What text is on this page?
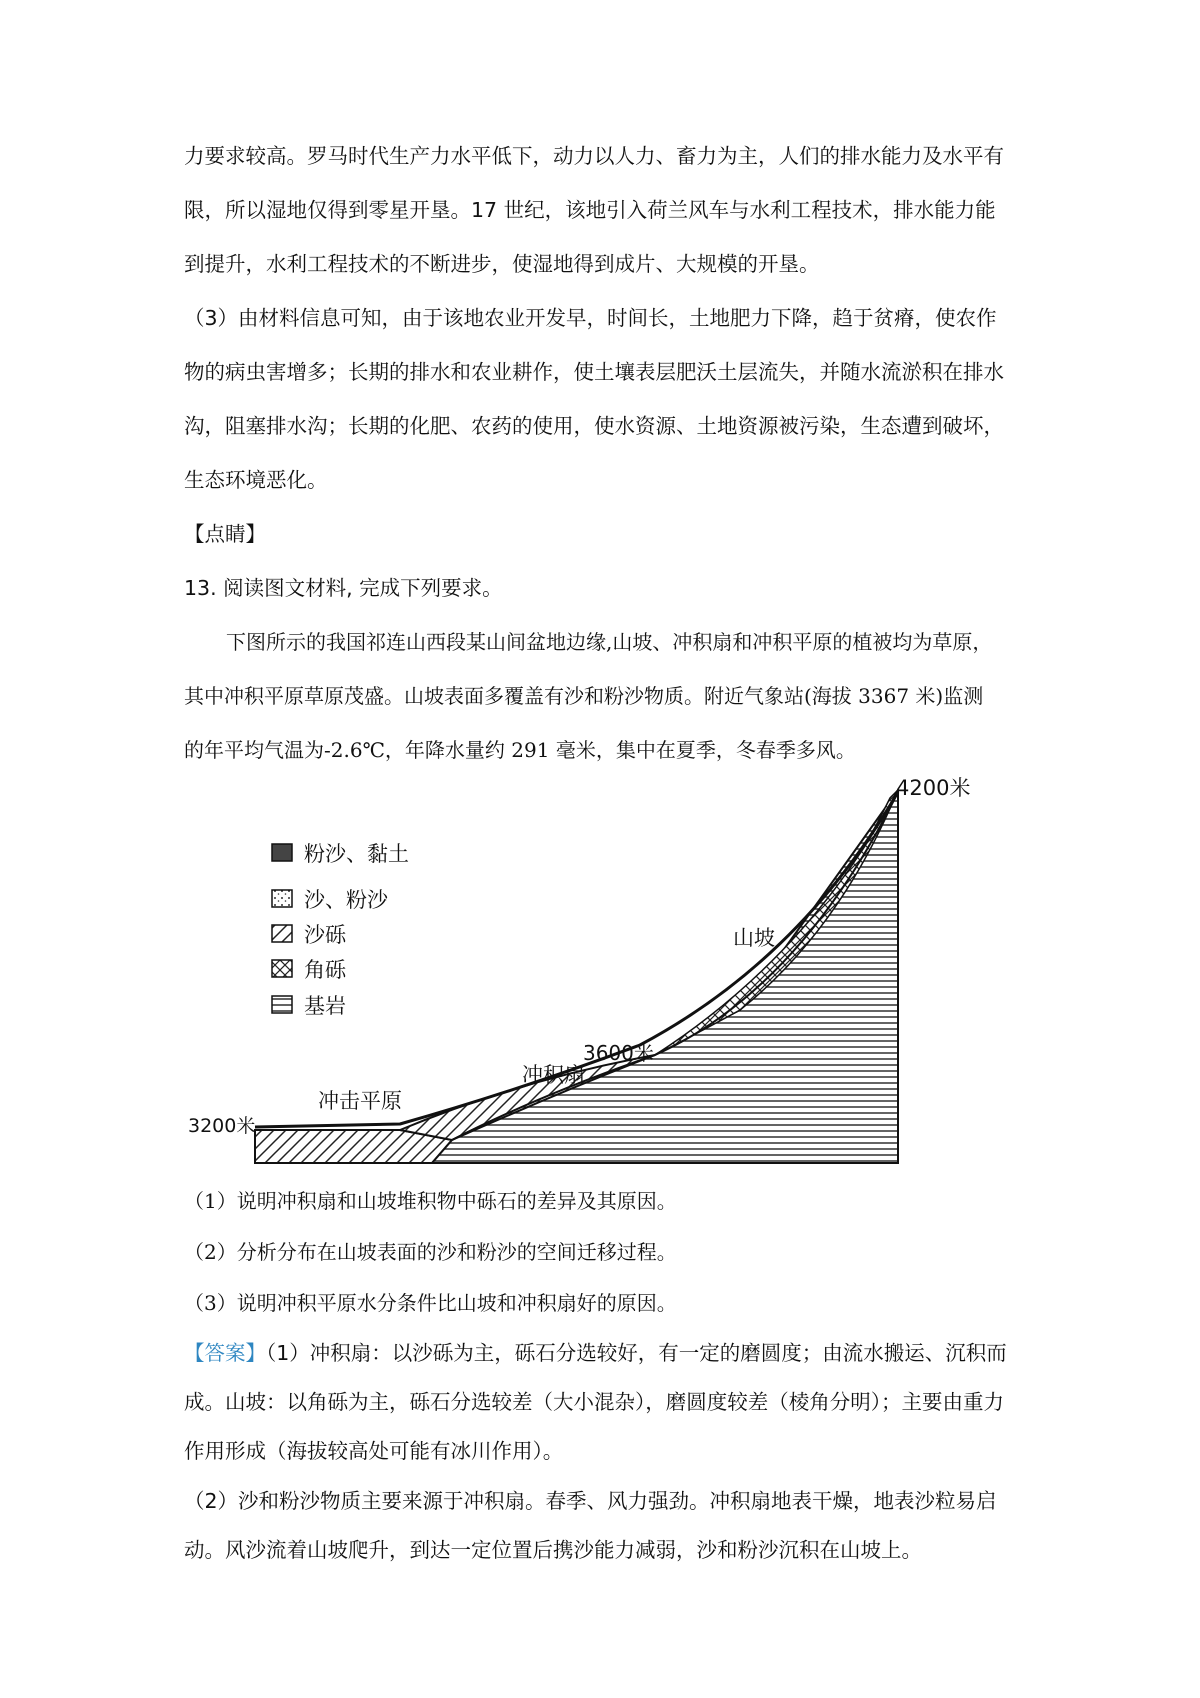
力要求较高。罗马时代生产力水平低下，动力以人力、畜力为主，人们的排水能力及水平有
限，所以湿地仅得到零星开垦。17 世纪，该地引入荷兰风车与水利工程技术，排水能力能
到提升，水利工程技术的不断进步，使湿地得到成片、大规模的开垦。
（3）由材料信息可知，由于该地农业开发早，时间长，土地肥力下降，趋于贫瘠，使农作
物的病虫害增多；长期的排水和农业耕作，使土壤表层肥沃土层流失，并随水流淤积在排水
沟，阻塞排水沟；长期的化肥、农药的使用，使水资源、土地资源被污染，生态遭到破坏，
生态环境恶化。
【点睛】
13. 阅读图文材料, 完成下列要求。
下图所示的我国祁连山西段某山间盆地边缘,山坡、冲积扇和冲积平原的植被均为草原，
其中冲积平原草原茂盛。山坡表面多覆盖有沙和粉沙物质。附近气象站(海拔 3367 米)监测
的年平均气温为-2.6℃，年降水量约 291 毫米，集中在夏季，冬春季多风。
粉沙、黏土
沙、粉沙
沙砾
角砾
基岩
4200米
山坡
3600米
冲积扇
冲击平原
3200米
（1）说明冲积扇和山坡堆积物中砾石的差异及其原因。
（2）分析分布在山坡表面的沙和粉沙的空间迁移过程。
（3）说明冲积平原水分条件比山坡和冲积扇好的原因。
【答案】（1）冲积扇：以沙砾为主，砾石分选较好，有一定的磨圆度；由流水搬运、沉积而
成。山坡：以角砾为主，砾石分选较差（大小混杂），磨圆度较差（棱角分明）；主要由重力
作用形成（海拔较高处可能有冰川作用）。
（2）沙和粉沙物质主要来源于冲积扇。春季、风力强劲。冲积扇地表干燥，地表沙粒易启
动。风沙流着山坡爬升，到达一定位置后携沙能力减弱，沙和粉沙沉积在山坡上。
